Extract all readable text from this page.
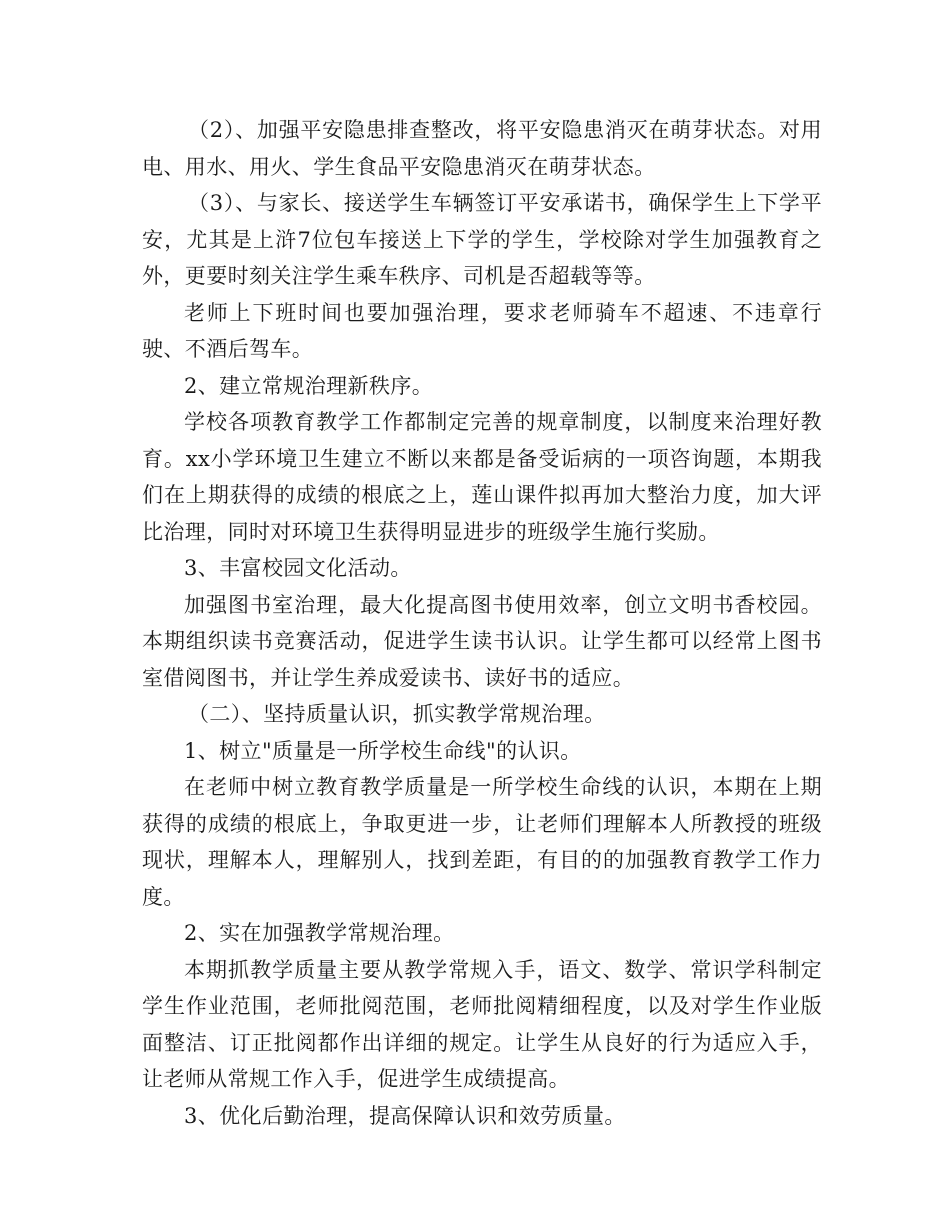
（2）、加强平安隐患排查整改，将平安隐患消灭在萌芽状态。对用电、用水、用火、学生食品平安隐患消灭在萌芽状态。

（3）、与家长、接送学生车辆签订平安承诺书，确保学生上下学平安，尤其是上浒7位包车接送上下学的学生，学校除对学生加强教育之外，更要时刻关注学生乘车秩序、司机是否超载等等。

老师上下班时间也要加强治理，要求老师骑车不超速、不违章行驶、不酒后驾车。

2、建立常规治理新秩序。

学校各项教育教学工作都制定完善的规章制度，以制度来治理好教育。xx小学环境卫生建立不断以来都是备受诟病的一项咨询题，本期我们在上期获得的成绩的根底之上，莲山课件拟再加大整治力度，加大评比治理，同时对环境卫生获得明显进步的班级学生施行奖励。

3、丰富校园文化活动。

加强图书室治理，最大化提高图书使用效率，创立文明书香校园。本期组织读书竞赛活动，促进学生读书认识。让学生都可以经常上图书室借阅图书，并让学生养成爱读书、读好书的适应。

（二）、坚持质量认识，抓实教学常规治理。

1、树立"质量是一所学校生命线"的认识。

在老师中树立教育教学质量是一所学校生命线的认识，本期在上期获得的成绩的根底上，争取更进一步，让老师们理解本人所教授的班级现状，理解本人，理解别人，找到差距，有目的的加强教育教学工作力度。

2、实在加强教学常规治理。

本期抓教学质量主要从教学常规入手，语文、数学、常识学科制定学生作业范围，老师批阅范围，老师批阅精细程度，以及对学生作业版面整洁、订正批阅都作出详细的规定。让学生从良好的行为适应入手，让老师从常规工作入手，促进学生成绩提高。

3、优化后勤治理，提高保障认识和效劳质量。
